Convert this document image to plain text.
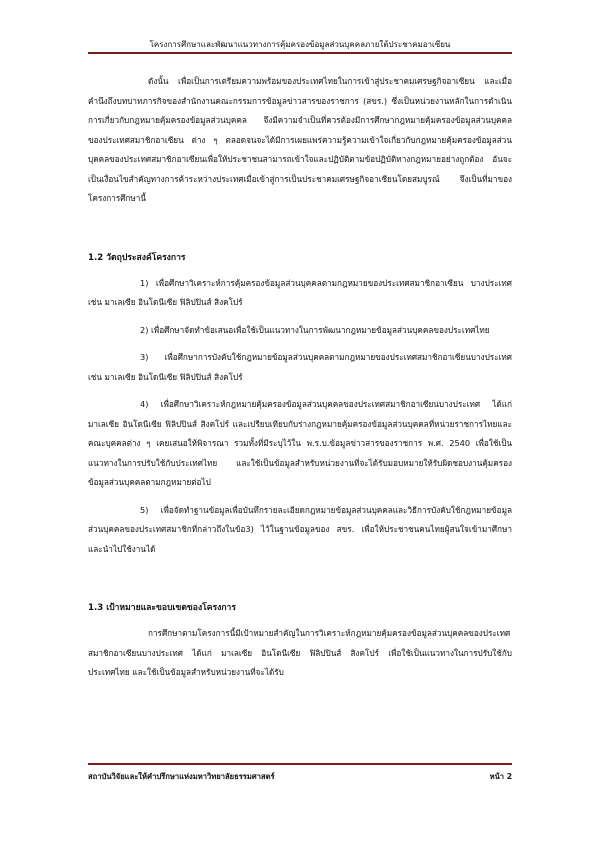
โครงการศึกษาและพัฒนาแนวทางการคุ้มครองข้อมูลส่วนบุคคลภายใต้ประชาคมอาเซียน

ดังนั้น เพื่อเป็นการเตรียมความพร้อมของประเทศไทยในการเข้าสู่ประชาคมเศรษฐกิจอาเซียน และเมื่อคำนึงถึงบทบาทภารกิจของสำนักงานคณะกรรมการข้อมูลข่าวสารของราชการ (สขร.) ซึ่งเป็นหน่วยงานหลักในการดำเนินการเกี่ยวกับกฎหมายคุ้มครองข้อมูลส่วนบุคคล จึงมีความจำเป็นที่ควรต้องมีการศึกษากฎหมายคุ้มครองข้อมูลส่วนบุคคลของประเทศสมาชิกอาเซียน ต่าง ๆ ตลอดจนจะได้มีการเผยแพร่ความรู้ความเข้าใจเกี่ยวกับกฎหมายคุ้มครองข้อมูลส่วนบุคคลของประเทศสมาชิกอาเซียนเพื่อให้ประชาชนสามารถเข้าใจและปฏิบัติตามข้อปฏิบัติทางกฎหมายอย่างถูกต้อง อันจะเป็นเงื่อนไขสำคัญทางการค้าระหว่างประเทศเมื่อเข้าสู่การเป็นประชาคมเศรษฐกิจอาเซียนโดยสมบูรณ์ จึงเป็นที่มาของโครงการศึกษานี้

1.2 วัตถุประสงค์โครงการ

1) เพื่อศึกษาวิเคราะห์การคุ้มครองข้อมูลส่วนบุคคลตามกฎหมายของประเทศสมาชิกอาเซียน บางประเทศ เช่น มาเลเซีย อินโดนีเซีย ฟิลิปปินส์ สิงคโปร์

2) เพื่อศึกษาจัดทำข้อเสนอเพื่อใช้เป็นแนวทางในการพัฒนากฎหมายข้อมูลส่วนบุคคลของประเทศไทย

3) เพื่อศึกษาการบังคับใช้กฎหมายข้อมูลส่วนบุคคลตามกฎหมายของประเทศสมาชิกอาเซียนบางประเทศ เช่น มาเลเซีย อินโดนีเซีย ฟิลิปปินส์ สิงคโปร์

4) เพื่อศึกษาวิเคราะห์กฎหมายคุ้มครองข้อมูลส่วนบุคคลของประเทศสมาชิกอาเซียนบางประเทศ ได้แก่ มาเลเซีย อินโดนีเซีย ฟิลิปปินส์ สิงคโปร์ และเปรียบเทียบกับร่างกฎหมายคุ้มครองข้อมูลส่วนบุคคลที่หน่วยราชการไทยและคณะบุคคลต่าง ๆ เคยเสนอให้พิจารณา รวมทั้งที่มีระบุไว้ใน พ.ร.บ.ข้อมูลข่าวสารของราชการ พ.ศ. 2540 เพื่อใช้เป็นแนวทางในการปรับใช้กับประเทศไทย และใช้เป็นข้อมูลสำหรับหน่วยงานที่จะได้รับมอบหมายให้รับผิดชอบงานคุ้มครองข้อมูลส่วนบุคคลตามกฎหมายต่อไป

5) เพื่อจัดทำฐานข้อมูลเพื่อบันทึกรายละเอียดกฎหมายข้อมูลส่วนบุคคลและวิธีการบังคับใช้กฎหมายข้อมูลส่วนบุคคลของประเทศสมาชิกที่กล่าวถึงในข้อ3) ไว้ในฐานข้อมูลของ สขร. เพื่อให้ประชาชนคนไทยผู้สนใจเข้ามาศึกษาและนำไปใช้งานได้

1.3 เป้าหมายและขอบเขตของโครงการ

การศึกษาตามโครงการนี้มีเป้าหมายสำคัญในการวิเคราะห์กฎหมายคุ้มครองข้อมูลส่วนบุคคลของประเทศสมาชิกอาเซียนบางประเทศ ได้แก่ มาเลเซีย อินโดนีเซีย ฟิลิปปินส์ สิงคโปร์ เพื่อใช้เป็นแนวทางในการปรับใช้กับประเทศไทย และใช้เป็นข้อมูลสำหรับหน่วยงานที่จะได้รับ

สถาบันวิจัยและให้คำปรึกษาแห่งมหาวิทยาลัยธรรมศาสตร์	หน้า 2
